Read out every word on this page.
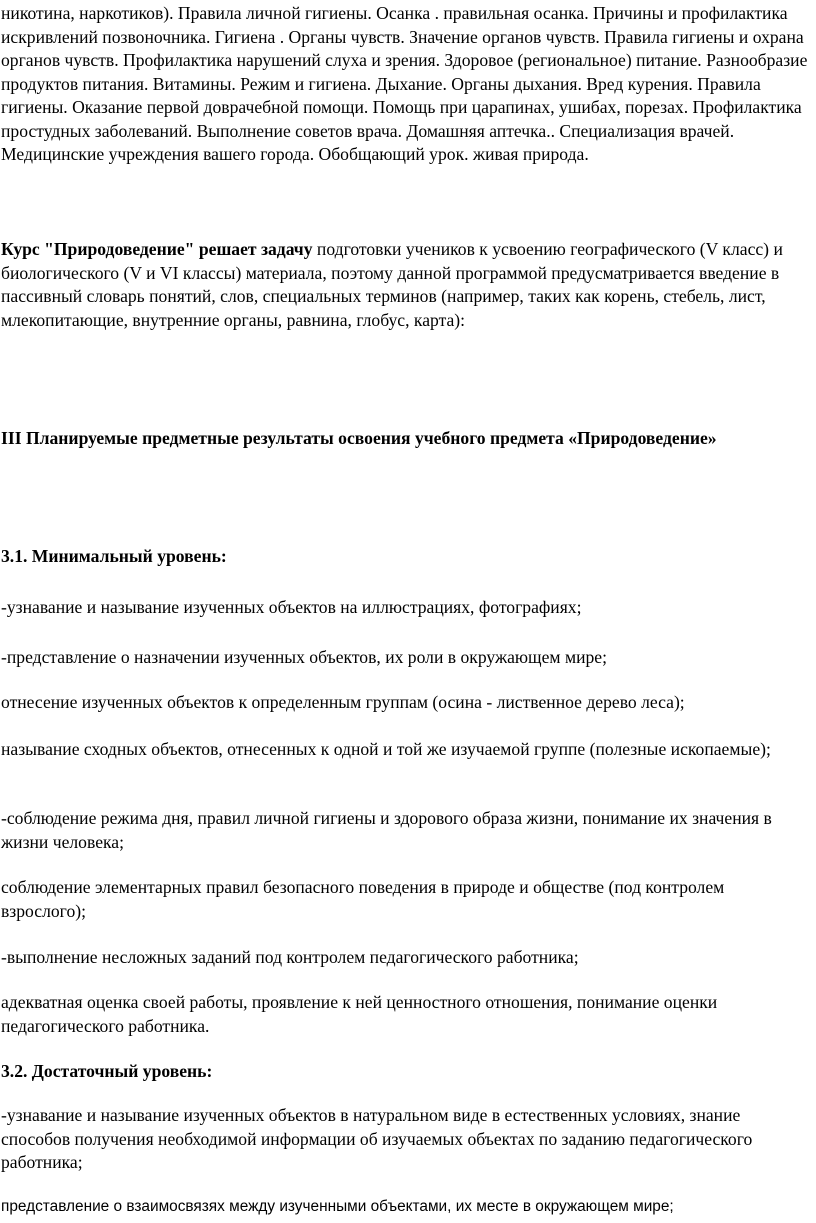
никотина, наркотиков). Правила личной гигиены. Осанка . правильная осанка. Причины и профилактика искривлений позвоночника. Гигиена . Органы чувств. Значение органов чувств. Правила гигиены и охрана органов чувств. Профилактика нарушений слуха и зрения. Здоровое (региональное) питание. Разнообразие продуктов питания. Витамины. Режим и гигиена. Дыхание. Органы дыхания. Вред курения. Правила гигиены. Оказание первой доврачебной помощи. Помощь при царапинах, ушибах, порезах. Профилактика простудных заболеваний. Выполнение советов врача. Домашняя аптечка.. Специализация врачей. Медицинские учреждения вашего города. Обобщающий урок. живая природа.

Курс "Природоведение" решает задачу подготовки учеников к усвоению географического (V класс) и биологического (V и VI классы) материала, поэтому данной программой предусматривается введение в пассивный словарь понятий, слов, специальных терминов (например, таких как корень, стебель, лист, млекопитающие, внутренние органы, равнина, глобус, карта):

III Планируемые предметные результаты освоения учебного предмета «Природоведение»

3.1. Минимальный уровень:

-узнавание и называние изученных объектов на иллюстрациях, фотографиях;

-представление о назначении изученных объектов, их роли в окружающем мире;

отнесение изученных объектов к определенным группам (осина - лиственное дерево леса);

называние сходных объектов, отнесенных к одной и той же изучаемой группе (полезные ископаемые);

-соблюдение режима дня, правил личной гигиены и здорового образа жизни, понимание их значения в жизни человека;

соблюдение элементарных правил безопасного поведения в природе и обществе (под контролем взрослого);

-выполнение несложных заданий под контролем педагогического работника;

адекватная оценка своей работы, проявление к ней ценностного отношения, понимание оценки педагогического работника.

3.2. Достаточный уровень:

-узнавание и называние изученных объектов в натуральном виде в естественных условиях, знание способов получения необходимой информации об изучаемых объектах по заданию педагогического работника;

представление о взаимосвязях между изученными объектами, их месте в окружающем мире;
